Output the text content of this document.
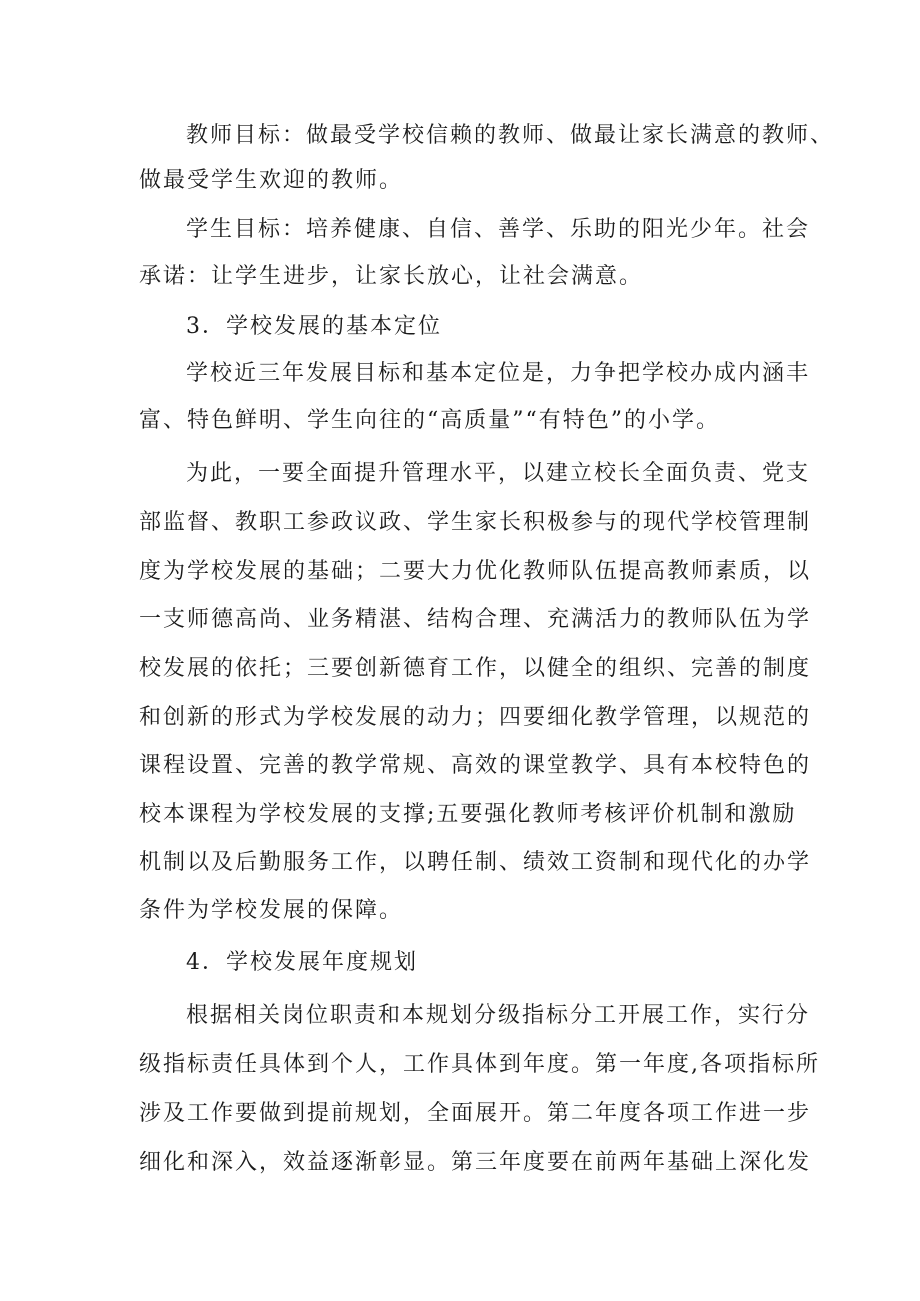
教师目标：做最受学校信赖的教师、做最让家长满意的教师、
做最受学生欢迎的教师。
学生目标：培养健康、自信、善学、乐助的阳光少年。社会
承诺：让学生进步，让家长放心，让社会满意。
3．学校发展的基本定位
学校近三年发展目标和基本定位是，力争把学校办成内涵丰
富、特色鲜明、学生向往的“高质量”“有特色”的小学。
为此，一要全面提升管理水平，以建立校长全面负责、党支
部监督、教职工参政议政、学生家长积极参与的现代学校管理制
度为学校发展的基础；二要大力优化教师队伍提高教师素质，以
一支师德高尚、业务精湛、结构合理、充满活力的教师队伍为学
校发展的依托；三要创新德育工作，以健全的组织、完善的制度
和创新的形式为学校发展的动力；四要细化教学管理，以规范的
课程设置、完善的教学常规、高效的课堂教学、具有本校特色的
校本课程为学校发展的支撑;五要强化教师考核评价机制和激励
机制以及后勤服务工作，以聘任制、绩效工资制和现代化的办学
条件为学校发展的保障。
4．学校发展年度规划
根据相关岗位职责和本规划分级指标分工开展工作，实行分
级指标责任具体到个人，工作具体到年度。第一年度,各项指标所
涉及工作要做到提前规划，全面展开。第二年度各项工作进一步
细化和深入，效益逐渐彰显。第三年度要在前两年基础上深化发
